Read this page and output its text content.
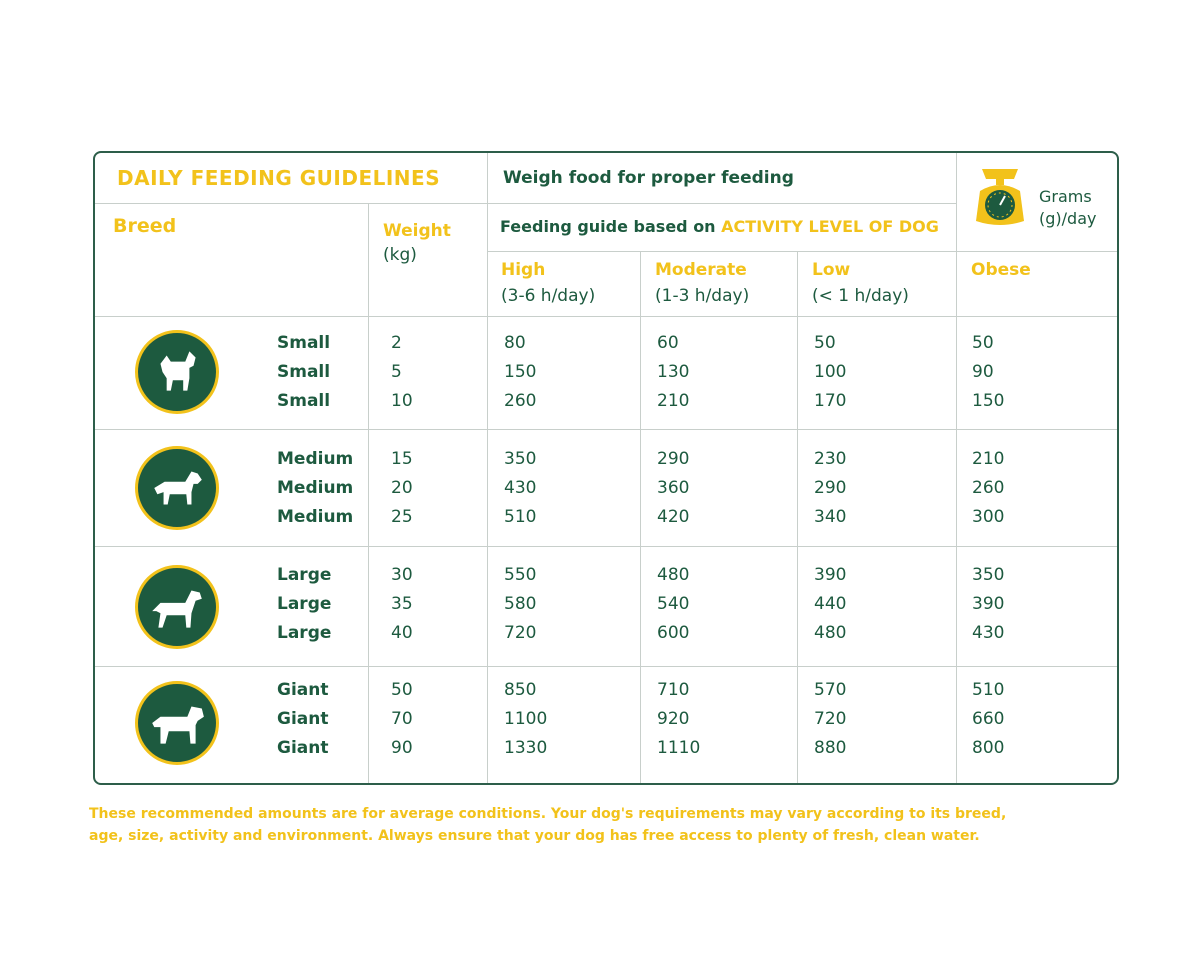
DAILY FEEDING GUIDELINES	Weigh food for proper feeding
Grams
(g)/day
Breed	Weight
(kg)
Feeding guide based on ACTIVITY LEVEL OF DOG
High
(3-6 h/day)
Moderate
(1-3 h/day)
Low
(< 1 h/day)
Obese
Small
Small
Small
2
5
10
80
150
260
60
130
210
50
100
170
50
90
150
Medium
Medium
Medium
15
20
25
350
430
510
290
360
420
230
290
340
210
260
300
Large
Large
Large
30
35
40
550
580
720
480
540
600
390
440
480
350
390
430
Giant
Giant
Giant
50
70
90
850
1100
1330
710
920
1110
570
720
880
510
660
800
These recommended amounts are for average conditions. Your dog's requirements may vary according to its breed,
age, size, activity and environment. Always ensure that your dog has free access to plenty of fresh, clean water.
